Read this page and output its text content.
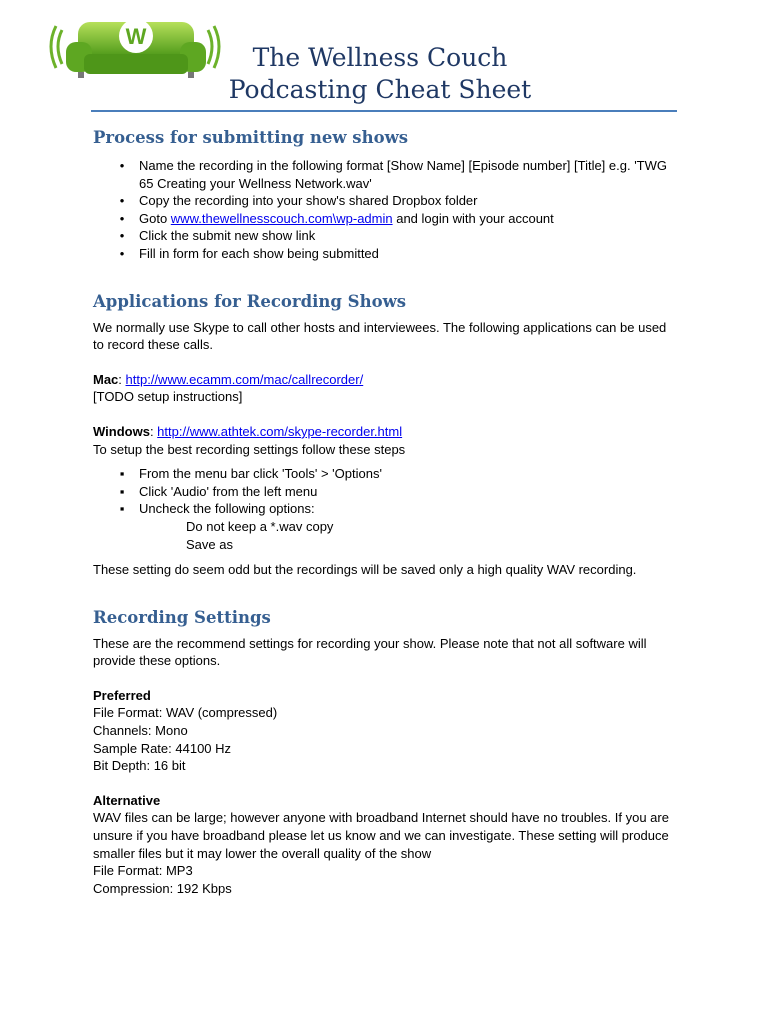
W
The Wellness Couch
Podcasting Cheat Sheet
Process for submitting new shows
• Name the recording in the following format [Show Name] [Episode number] [Title] e.g. 'TWG 65 Creating your Wellness Network.wav'
• Copy the recording into your show's shared Dropbox folder
• Goto www.thewellnesscouch.com\wp-admin and login with your account
• Click the submit new show link
• Fill in form for each show being submitted
Applications for Recording Shows

We normally use Skype to call other hosts and interviewees. The following applications can be used to record these calls.

Mac: http://www.ecamm.com/mac/callrecorder/

[TODO setup instructions]

Windows: http://www.athtek.com/skype-recorder.html

To setup the best recording settings follow these steps

▪ From the menu bar click 'Tools' > 'Options'
▪ Click 'Audio' from the left menu
▪ Uncheck the following options:

Do not keep a *.wav copy

Save as

These setting do seem odd but the recordings will be saved only a high quality WAV recording.

Recording Settings

These are the recommend settings for recording your show. Please note that not all software will provide these options.

Preferred

File Format: WAV (compressed)

Channels: Mono

Sample Rate: 44100 Hz

Bit Depth: 16 bit

Alternative

WAV files can be large; however anyone with broadband Internet should have no troubles. If you are unsure if you have broadband please let us know and we can investigate. These setting will produce smaller files but it may lower the overall quality of the show

File Format: MP3

Compression: 192 Kbps
